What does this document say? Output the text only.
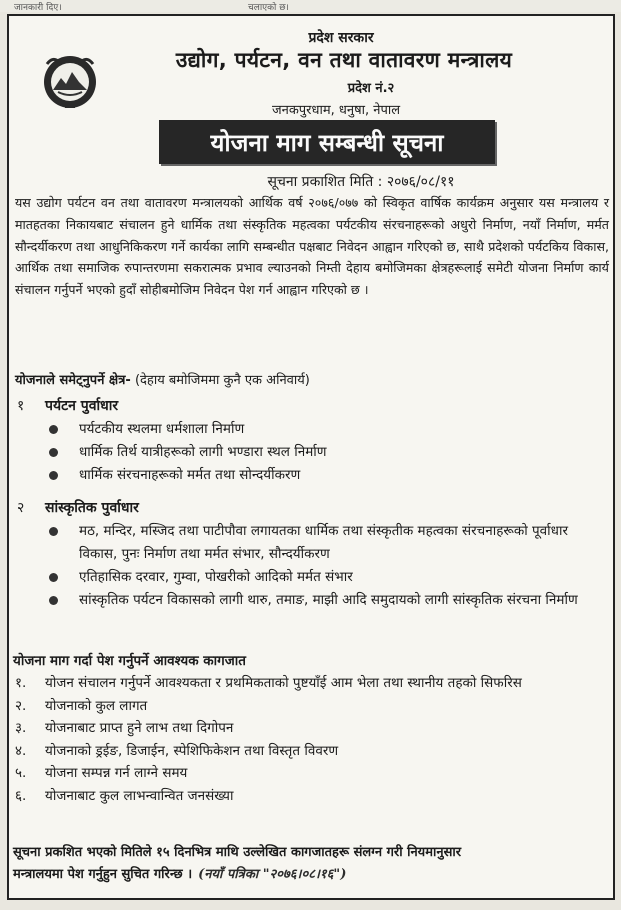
जानकारी दिए।	चलाएको छ।
प्रदेश सरकार
उद्योग, पर्यटन, वन तथा वातावरण मन्त्रालय
प्रदेश नं.२
जनकपुरधाम, धनुषा, नेपाल
योजना माग सम्बन्धी सूचना
सूचना प्रकाशित मिति : २०७६/०८/११

यस उद्योग पर्यटन वन तथा वातावरण मन्त्रालयको आर्थिक वर्ष २०७६/०७७ को स्विकृत वार्षिक कार्यक्रम अनुसार यस मन्त्रालय र मातहतका निकायबाट संचालन हुने धार्मिक तथा संस्कृतिक महत्वका पर्यटकीय संरचनाहरूको अधुरो निर्माण, नयाँ निर्माण, मर्मत सौन्दर्यीकरण तथा आधुनिकिकरण गर्ने कार्यका लागि सम्बन्धीत पक्षबाट निवेदन आह्वान गरिएको छ, साथै प्रदेशको पर्यटकिय विकास, आर्थिक तथा समाजिक रुपान्तरणमा सकरात्मक प्रभाव ल्याउनको निम्ती देहाय बमोजिमका क्षेत्रहरूलाई समेटी योजना निर्माण कार्य संचालन गर्नुपर्ने भएको हुदाँ सोहीबमोजिम निवेदन पेश गर्न आह्वान गरिएको छ ।

योजनाले समेट्नुपर्ने क्षेत्र- (देहाय बमोजिममा कुनै एक अनिवार्य)
१ पर्यटन पुर्वाधार
पर्यटकीय स्थलमा धर्मशाला निर्माण
धार्मिक तिर्थ यात्रीहरूको लागी भण्डारा स्थल निर्माण
धार्मिक संरचनाहरूको मर्मत तथा सोन्दर्यीकरण
२ सांस्कृतिक पुर्वाधार
मठ, मन्दिर, मस्जिद तथा पाटीपौवा लगायतका धार्मिक तथा संस्कृतीक महत्वका संरचनाहरूको पूर्वाधार विकास, पुनः निर्माण तथा मर्मत संभार, सौन्दर्यीकरण
एतिहासिक दरवार, गुम्वा, पोखरीको आदिको मर्मत संभार
सांस्कृतिक पर्यटन विकासको लागी थारु, तमाङ, माझी आदि समुदायको लागी सांस्कृतिक संरचना निर्माण
योजना माग गर्दा पेश गर्नुपर्ने आवश्यक कागजात
१. योजन संचालन गर्नुपर्ने आवश्यकता र प्रथमिकताको पुष्टयाँई आम भेला तथा स्थानीय तहको सिफरिस
२. योजनाको कुल लागत
३. योजनाबाट प्राप्त हुने लाभ तथा दिगोपन
४. योजनाको ड्रईङ, डिजाईन, स्पेशिफिकेशन तथा विस्तृत विवरण
५. योजना सम्पन्न गर्न लाग्ने समय
६. योजनाबाट कुल लाभन्वान्वित जनसंख्या
सूचना प्रकशित भएको मितिले १५ दिनभित्र माथि उल्लेखित कागजातहरू संलग्न गरी नियमानुसार
मन्त्रालयमा पेश गर्नुहुन सुचित गरिन्छ । (नयाँ पत्रिका "२०७६।०८।१६")
